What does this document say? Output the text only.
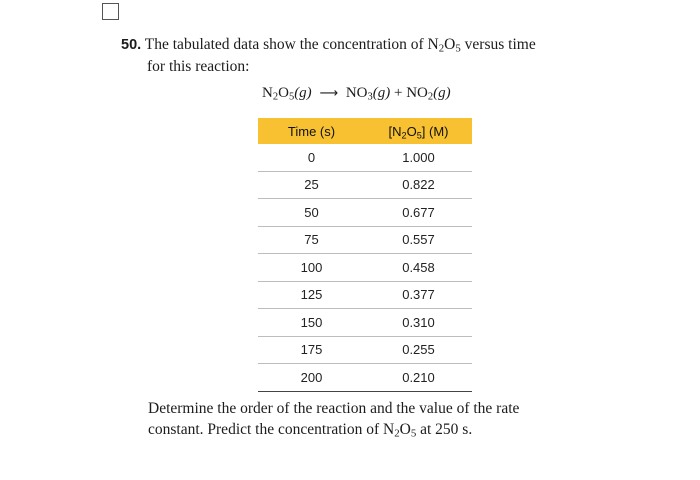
50. The tabulated data show the concentration of $N_2O_5$ versus time
for this reaction:
$N_2O_5(g)$ ⟶ $NO_3(g) + NO_2(g)$
Time (s)	$[N_2O_5]$ (M)
0	1.000
25	0.822
50	0.677
75	0.557
100	0.458
125	0.377
150	0.310
175	0.255
200	0.210
Determine the order of the reaction and the value of the rate
constant. Predict the concentration of $N_2O_5$ at 250 s.
